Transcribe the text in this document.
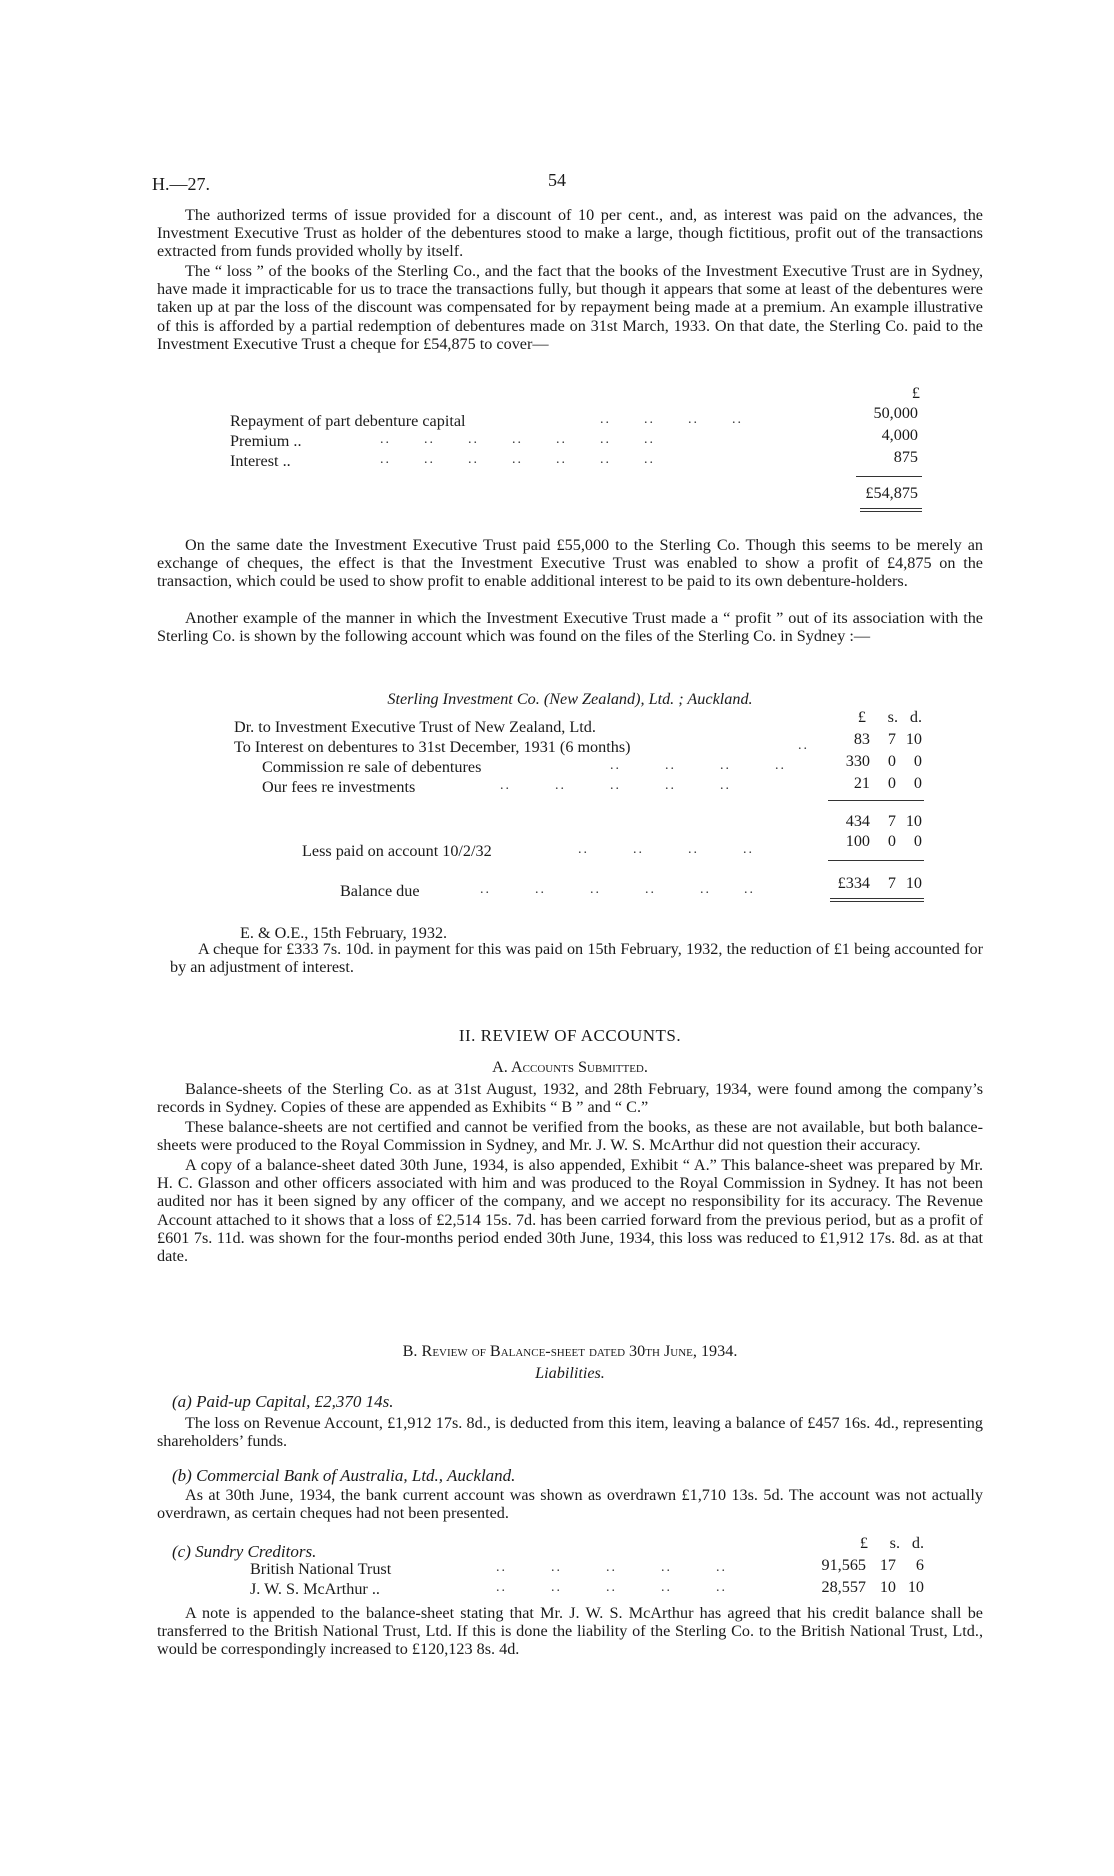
H.—27.	54

The authorized terms of issue provided for a discount of 10 per cent., and, as interest was paid on the advances, the Investment Executive Trust as holder of the debentures stood to make a large, though fictitious, profit out of the transactions extracted from funds provided wholly by itself.

The “ loss ” of the books of the Sterling Co., and the fact that the books of the Investment Executive Trust are in Sydney, have made it impracticable for us to trace the transactions fully, but though it appears that some at least of the debentures were taken up at par the loss of the discount was compensated for by repayment being made at a premium. An example illustrative of this is afforded by a partial redemption of debentures made on 31st March, 1933. On that date, the Sterling Co. paid to the Investment Executive Trust a cheque for £54,875 to cover—

£
Repayment of part debenture capital	..      ..      ..      ..	50,000
Premium ..	..      ..      ..      ..      ..      ..      ..	4,000
Interest ..	..      ..      ..      ..      ..      ..      ..	875
£54,875

On the same date the Investment Executive Trust paid £55,000 to the Sterling Co. Though this seems to be merely an exchange of cheques, the effect is that the Investment Executive Trust was enabled to show a profit of £4,875 on the transaction, which could be used to show profit to enable additional interest to be paid to its own debenture-holders.

Another example of the manner in which the Investment Executive Trust made a “ profit ” out of its association with the Sterling Co. is shown by the following account which was found on the files of the Sterling Co. in Sydney :—

Sterling Investment Co. (New Zealand), Ltd. ; Auckland.
£	s. d.
Dr. to Investment Executive Trust of New Zealand, Ltd.
To Interest on debentures to 31st December, 1931 (6 months)	..	83	7 10
Commission re sale of debentures	..        ..        ..        ..	330	0	0
Our fees re investments	..        ..        ..        ..        ..	21	0	0
434	7 10
Less paid on account 10/2/32	..        ..        ..        ..	100	0	0
Balance due	..        ..        ..        ..        ..      ..	£334	7 10
E. & O.E., 15th February, 1932.

A cheque for £333 7s. 10d. in payment for this was paid on 15th February, 1932, the reduction of £1 being accounted for by an adjustment of interest.

II. REVIEW OF ACCOUNTS.
A. Accounts Submitted.

Balance-sheets of the Sterling Co. as at 31st August, 1932, and 28th February, 1934, were found among the company’s records in Sydney. Copies of these are appended as Exhibits “ B ” and “ C.”

These balance-sheets are not certified and cannot be verified from the books, as these are not available, but both balance-sheets were produced to the Royal Commission in Sydney, and Mr. J. W. S. McArthur did not question their accuracy.

A copy of a balance-sheet dated 30th June, 1934, is also appended, Exhibit “ A.” This balance-sheet was prepared by Mr. H. C. Glasson and other officers associated with him and was produced to the Royal Commission in Sydney. It has not been audited nor has it been signed by any officer of the company, and we accept no responsibility for its accuracy. The Revenue Account attached to it shows that a loss of £2,514 15s. 7d. has been carried forward from the previous period, but as a profit of £601 7s. 11d. was shown for the four-months period ended 30th June, 1934, this loss was reduced to £1,912 17s. 8d. as at that date.

B. Review of Balance-sheet dated 30th June, 1934.
Liabilities.
(a) Paid-up Capital, £2,370 14s.

The loss on Revenue Account, £1,912 17s. 8d., is deducted from this item, leaving a balance of £457 16s. 4d., representing shareholders’ funds.

(b) Commercial Bank of Australia, Ltd., Auckland.

As at 30th June, 1934, the bank current account was shown as overdrawn £1,710 13s. 5d. The account was not actually overdrawn, as certain cheques had not been presented.

£	s. d.
(c) Sundry Creditors.
British National Trust	..        ..        ..        ..        ..	91,565 17	6
J. W. S. McArthur ..	..        ..        ..        ..        ..	28,557 10 10

A note is appended to the balance-sheet stating that Mr. J. W. S. McArthur has agreed that his credit balance shall be transferred to the British National Trust, Ltd. If this is done the liability of the Sterling Co. to the British National Trust, Ltd., would be correspondingly increased to £120,123 8s. 4d.
